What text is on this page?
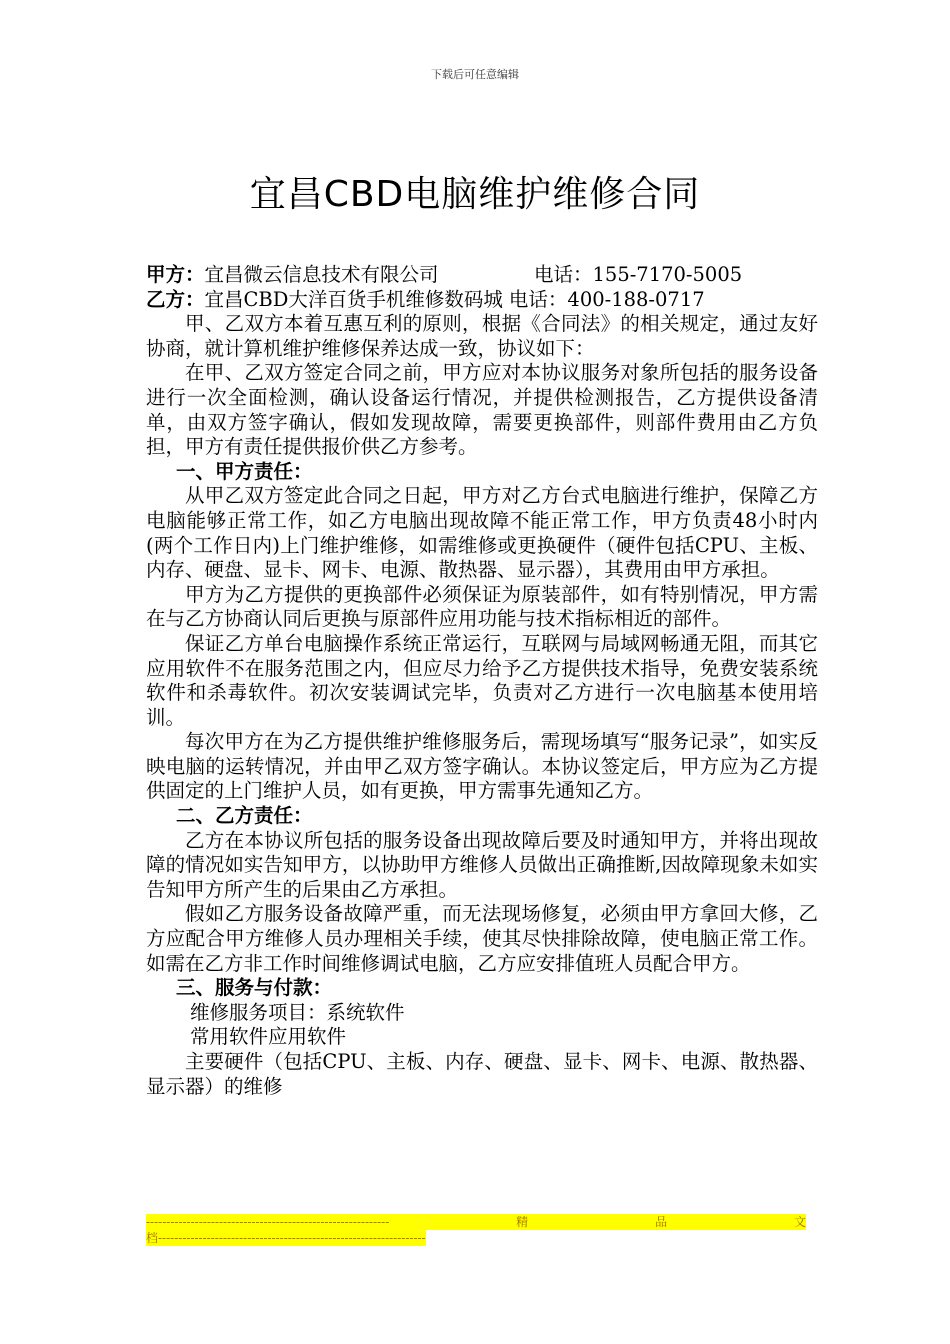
下载后可任意编辑
宜昌CBD电脑维护维修合同
甲方：宜昌微云信息技术有限公司	电话：155-7170-5005
乙方：宜昌CBD大洋百货手机维修数码城 电话：400-188-0717
甲、乙双方本着互惠互利的原则，根据《合同法》的相关规定，通过友好协商，就计算机维护维修保养达成一致，协议如下：
在甲、乙双方签定合同之前，甲方应对本协议服务对象所包括的服务设备进行一次全面检测，确认设备运行情况，并提供检测报告，乙方提供设备清单，由双方签字确认，假如发现故障，需要更换部件，则部件费用由乙方负担，甲方有责任提供报价供乙方参考。
一、甲方责任：
从甲乙双方签定此合同之日起，甲方对乙方台式电脑进行维护，保障乙方电脑能够正常工作，如乙方电脑出现故障不能正常工作，甲方负责48小时内(两个工作日内)上门维护维修，如需维修或更换硬件（硬件包括CPU、主板、内存、硬盘、显卡、网卡、电源、散热器、显示器），其费用由甲方承担。
甲方为乙方提供的更换部件必须保证为原装部件，如有特别情况，甲方需在与乙方协商认同后更换与原部件应用功能与技术指标相近的部件。
保证乙方单台电脑操作系统正常运行，互联网与局域网畅通无阻，而其它应用软件不在服务范围之内，但应尽力给予乙方提供技术指导，免费安装系统软件和杀毒软件。初次安装调试完毕，负责对乙方进行一次电脑基本使用培训。
每次甲方在为乙方提供维护维修服务后，需现场填写“服务记录”，如实反映电脑的运转情况，并由甲乙双方签字确认。本协议签定后，甲方应为乙方提供固定的上门维护人员，如有更换，甲方需事先通知乙方。
二、乙方责任：
乙方在本协议所包括的服务设备出现故障后要及时通知甲方，并将出现故障的情况如实告知甲方，以协助甲方维修人员做出正确推断,因故障现象未如实告知甲方所产生的后果由乙方承担。
假如乙方服务设备故障严重，而无法现场修复，必须由甲方拿回大修，乙方应配合甲方维修人员办理相关手续，使其尽快排除故障，使电脑正常工作。如需在乙方非工作时间维修调试电脑，乙方应安排值班人员配合甲方。
三、服务与付款：
维修服务项目：系统软件
常用软件应用软件
主要硬件（包括CPU、主板、内存、硬盘、显卡、网卡、电源、散热器、显示器）的维修
------------------------------------------------------------	精	品	文
档------------------------------------------------------------------
